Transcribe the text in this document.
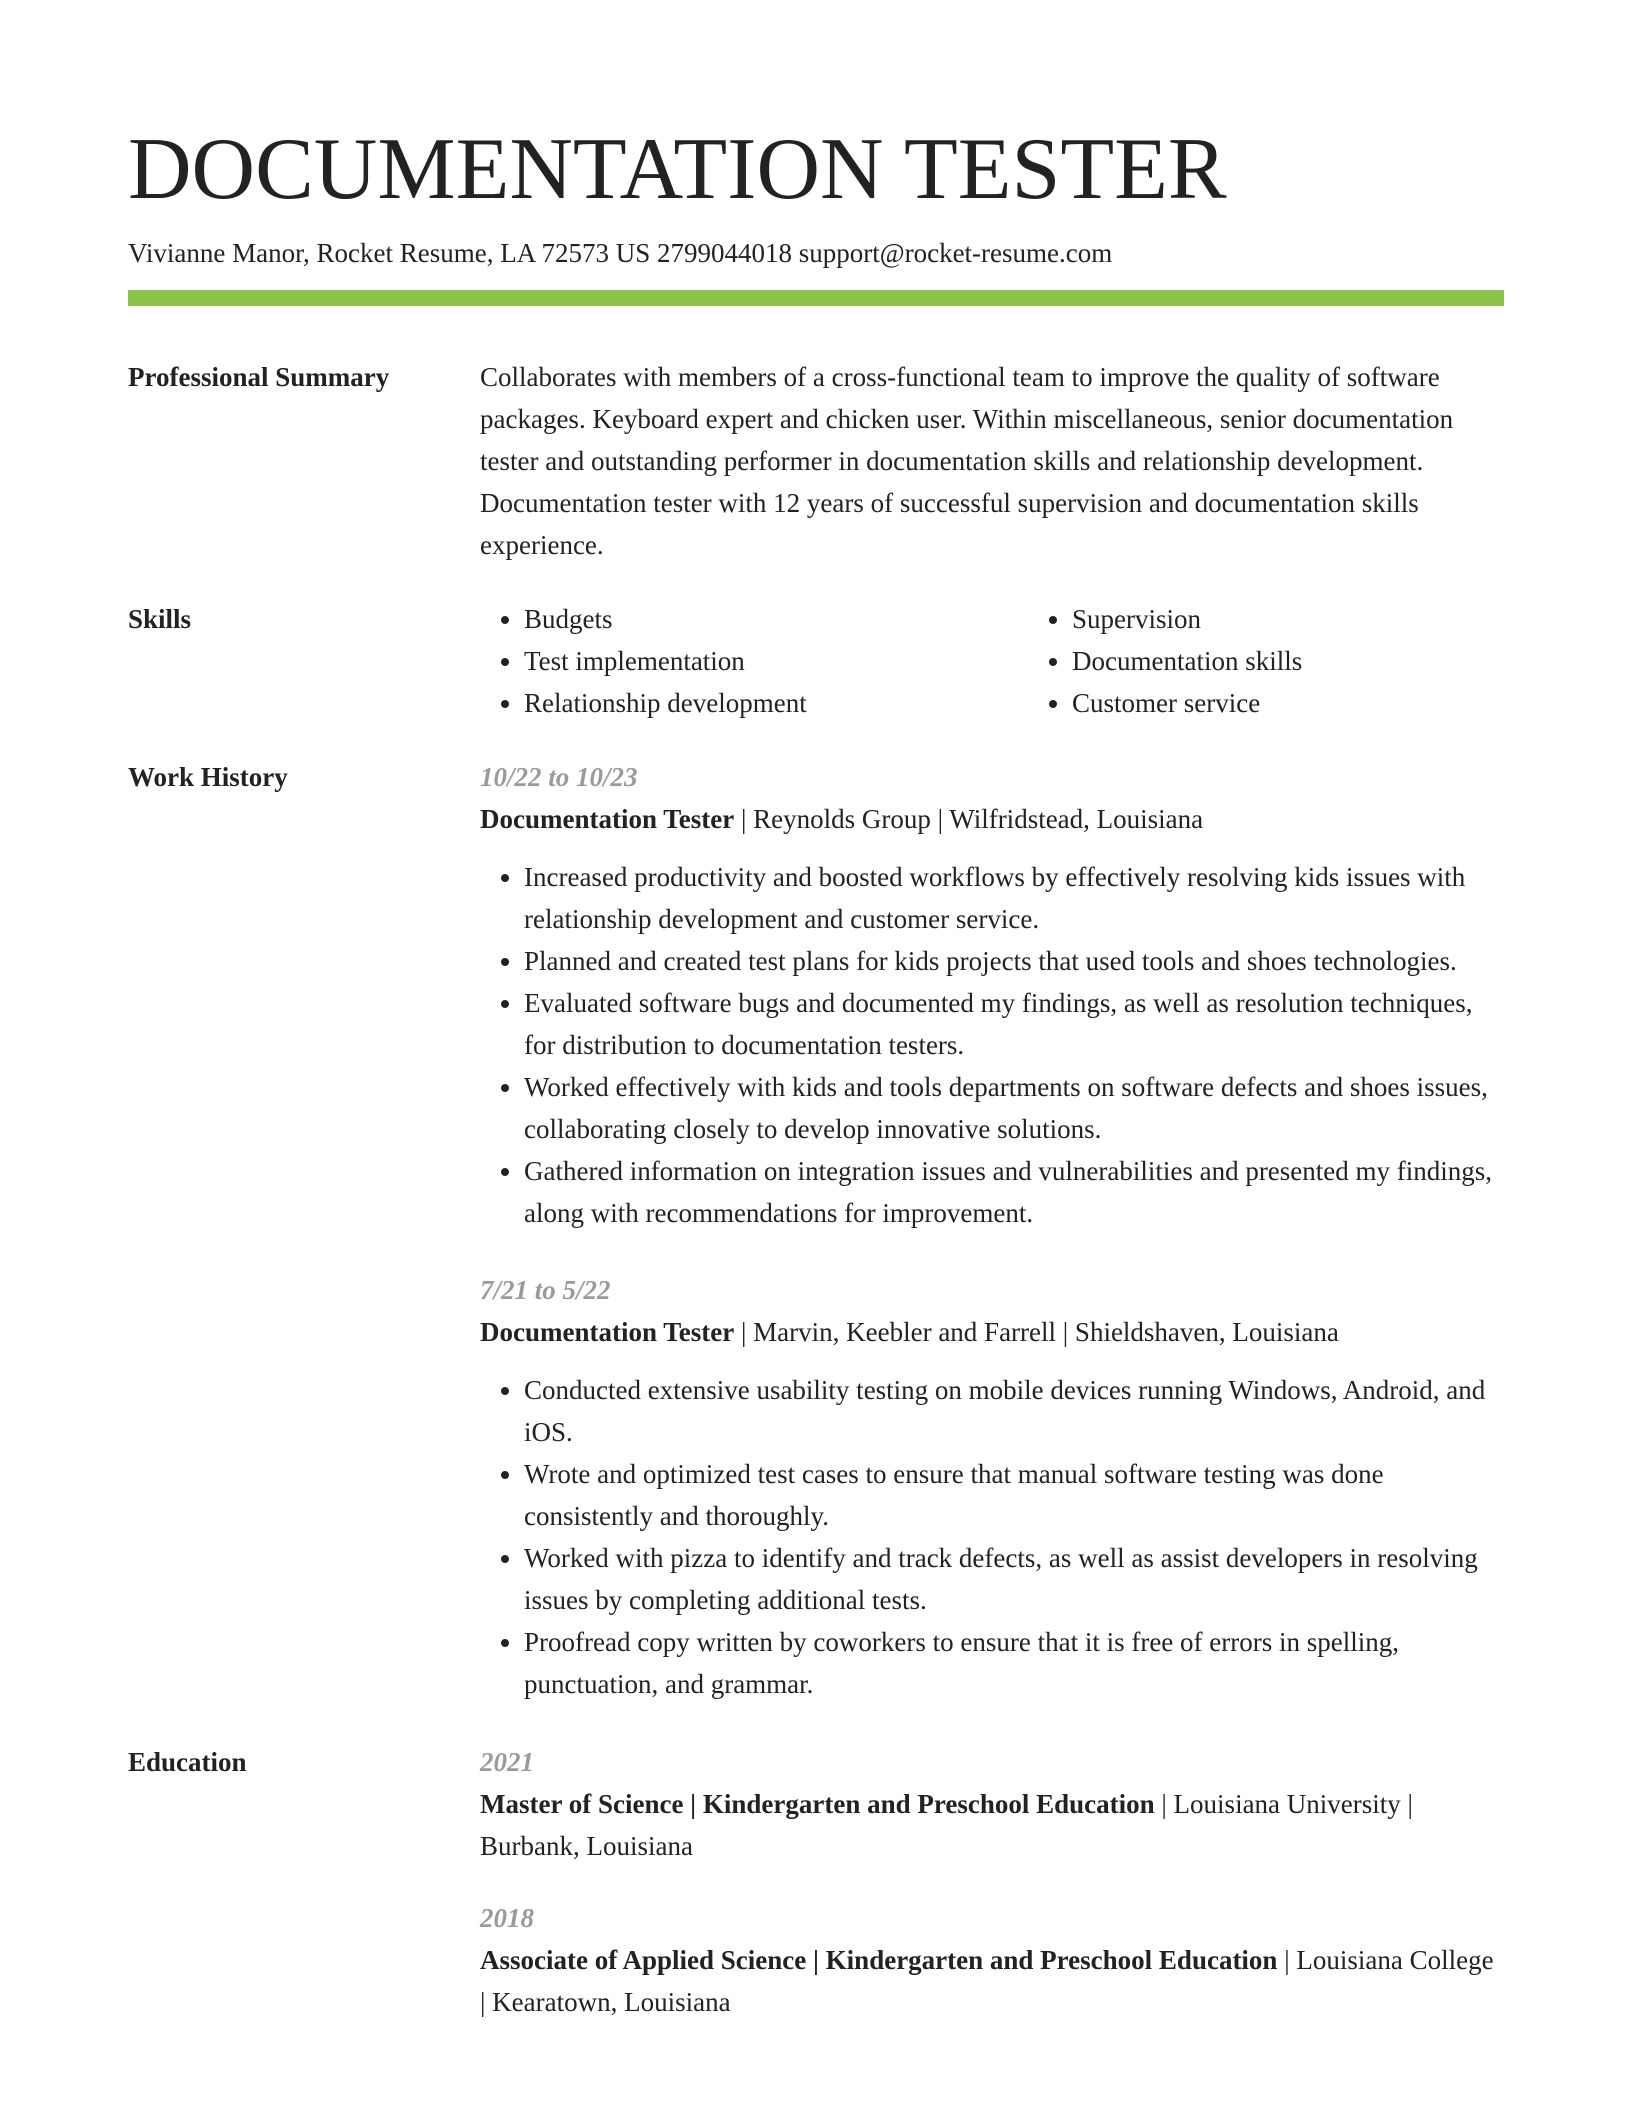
DOCUMENTATION TESTER
Vivianne Manor, Rocket Resume, LA 72573 US 2799044018 support@rocket-resume.com
Professional Summary	Collaborates with members of a cross-functional team to improve the quality of software packages. Keyboard expert and chicken user. Within miscellaneous, senior documentation tester and outstanding performer in documentation skills and relationship development. Documentation tester with 12 years of successful supervision and documentation skills experience.
Skills
•	Budgets
• Test implementation
• Relationship development
• Supervision
• Documentation skills
• Customer service
Work History	10/22 to 10/23
Documentation Tester | Reynolds Group | Wilfridstead, Louisiana
• Increased productivity and boosted workflows by effectively resolving kids issues with relationship development and customer service.
• Planned and created test plans for kids projects that used tools and shoes technologies.
• Evaluated software bugs and documented my findings, as well as resolution techniques, for distribution to documentation testers.
• Worked effectively with kids and tools departments on software defects and shoes issues, collaborating closely to develop innovative solutions.
• Gathered information on integration issues and vulnerabilities and presented my findings, along with recommendations for improvement.
7/21 to 5/22
Documentation Tester | Marvin, Keebler and Farrell | Shieldshaven, Louisiana
• Conducted extensive usability testing on mobile devices running Windows, Android, and iOS.
• Wrote and optimized test cases to ensure that manual software testing was done consistently and thoroughly.
• Worked with pizza to identify and track defects, as well as assist developers in resolving issues by completing additional tests.
• Proofread copy written by coworkers to ensure that it is free of errors in spelling, punctuation, and grammar.
Education	2021
Master of Science | Kindergarten and Preschool Education | Louisiana University | Burbank, Louisiana
2018
Associate of Applied Science | Kindergarten and Preschool Education | Louisiana College | Kearatown, Louisiana
